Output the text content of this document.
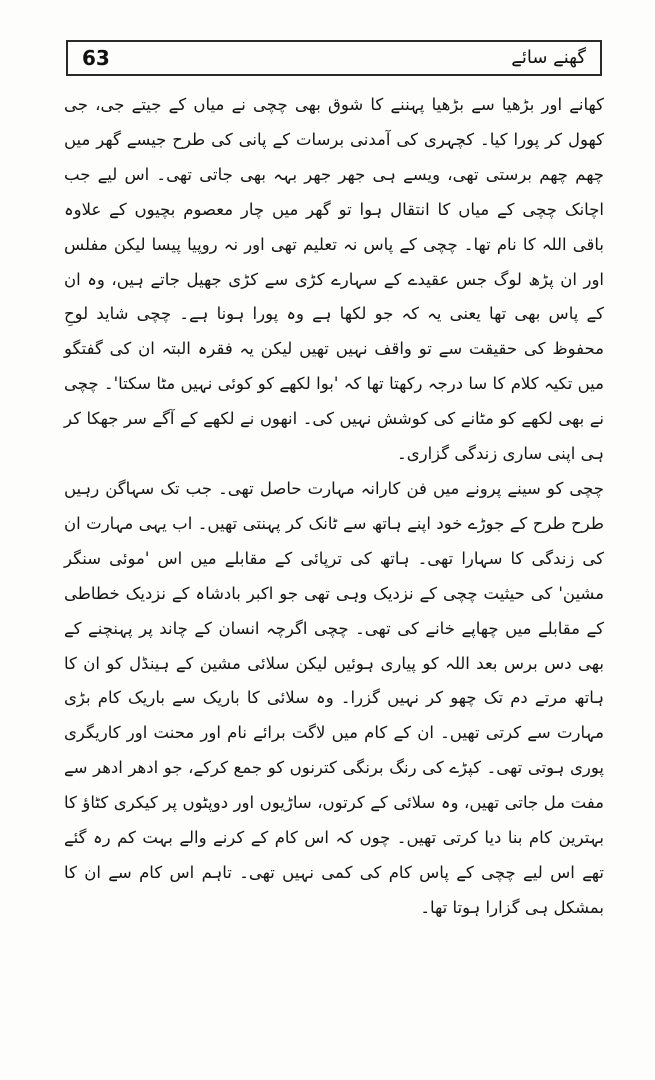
63	گھنے سائے

کھانے اور بڑھیا سے بڑھیا پہننے کا شوق بھی چچی نے میاں کے جیتے جی، جی کھول کر پورا کیا۔ کچہری کی آمدنی برسات کے پانی کی طرح جیسے گھر میں چھم چھم برستی تھی، ویسے ہی جھر جھر بہہ بھی جاتی تھی۔ اس لیے جب اچانک چچی کے میاں کا انتقال ہوا تو گھر میں چار معصوم بچیوں کے علاوہ باقی اللہ کا نام تھا۔ چچی کے پاس نہ تعلیم تھی اور نہ روپیا پیسا لیکن مفلس اور ان پڑھ لوگ جس عقیدے کے سہارے کڑی سے کڑی جھیل جاتے ہیں، وہ ان کے پاس بھی تھا یعنی یہ کہ جو لکھا ہے وہ پورا ہونا ہے۔ چچی شاید لوحِ محفوظ کی حقیقت سے تو واقف نہیں تھیں لیکن یہ فقرہ البتہ ان کی گفتگو میں تکیہ کلام کا سا درجہ رکھتا تھا کہ 'بوا لکھے کو کوئی نہیں مٹا سکتا'۔ چچی نے بھی لکھے کو مٹانے کی کوشش نہیں کی۔ انھوں نے لکھے کے آگے سر جھکا کر ہی اپنی ساری زندگی گزاری۔

چچی کو سینے پرونے میں فن کارانہ مہارت حاصل تھی۔ جب تک سہاگن رہیں طرح طرح کے جوڑے خود اپنے ہاتھ سے ٹانک کر پہنتی تھیں۔ اب یہی مہارت ان کی زندگی کا سہارا تھی۔ ہاتھ کی ترپائی کے مقابلے میں اس 'موئی سنگر مشین' کی حیثیت چچی کے نزدیک وہی تھی جو اکبر بادشاہ کے نزدیک خطاطی کے مقابلے میں چھاپے خانے کی تھی۔ چچی اگرچہ انسان کے چاند پر پہنچنے کے بھی دس برس بعد اللہ کو پیاری ہوئیں لیکن سلائی مشین کے ہینڈل کو ان کا ہاتھ مرتے دم تک چھو کر نہیں گزرا۔ وہ سلائی کا باریک سے باریک کام بڑی مہارت سے کرتی تھیں۔ ان کے کام میں لاگت برائے نام اور محنت اور کاریگری پوری ہوتی تھی۔ کپڑے کی رنگ برنگی کترنوں کو جمع کرکے، جو ادھر ادھر سے مفت مل جاتی تھیں، وہ سلائی کے کرتوں، ساڑیوں اور دوپٹوں پر کیکری کٹاؤ کا بہترین کام بنا دیا کرتی تھیں۔ چوں کہ اس کام کے کرنے والے بہت کم رہ گئے تھے اس لیے چچی کے پاس کام کی کمی نہیں تھی۔ تاہم اس کام سے ان کا بمشکل ہی گزارا ہوتا تھا۔
